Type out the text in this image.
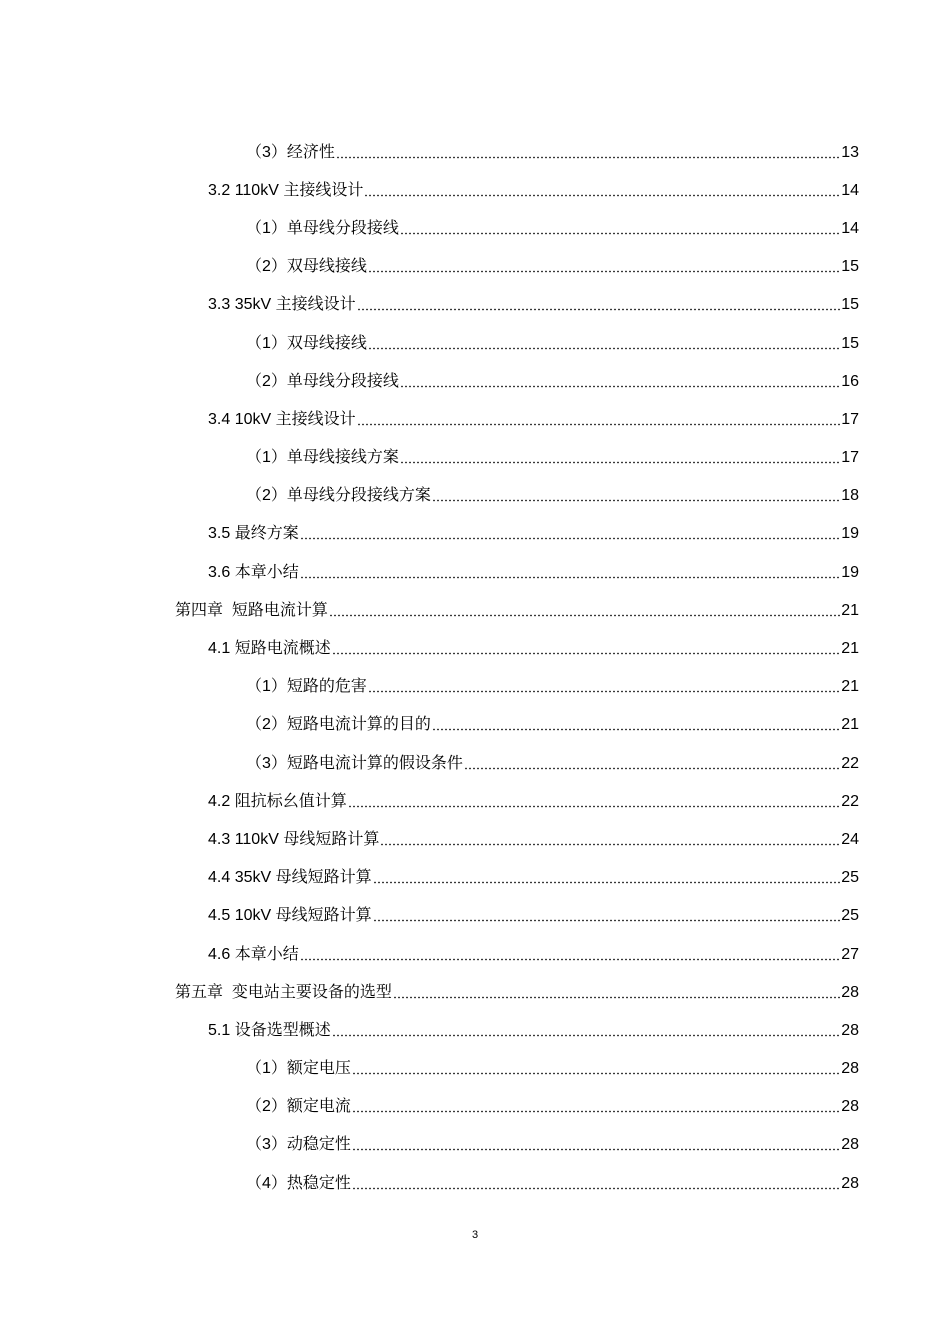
（3）经济性	13
3.2 110kV 主接线设计	14
（1）单母线分段接线	14
（2）双母线接线	15
3.3 35kV 主接线设计	15
（1）双母线接线	15
（2）单母线分段接线	16
3.4 10kV 主接线设计	17
（1）单母线接线方案	17
（2）单母线分段接线方案	18
3.5 最终方案	19
3.6 本章小结	19
第四章  短路电流计算	21
4.1 短路电流概述	21
（1）短路的危害	21
（2）短路电流计算的目的	21
（3）短路电流计算的假设条件	22
4.2 阻抗标幺值计算	22
4.3 110kV 母线短路计算	24
4.4 35kV 母线短路计算	25
4.5 10kV 母线短路计算	25
4.6 本章小结	27
第五章  变电站主要设备的选型	28
5.1 设备选型概述	28
（1）额定电压	28
（2）额定电流	28
（3）动稳定性	28
（4）热稳定性	28
3
